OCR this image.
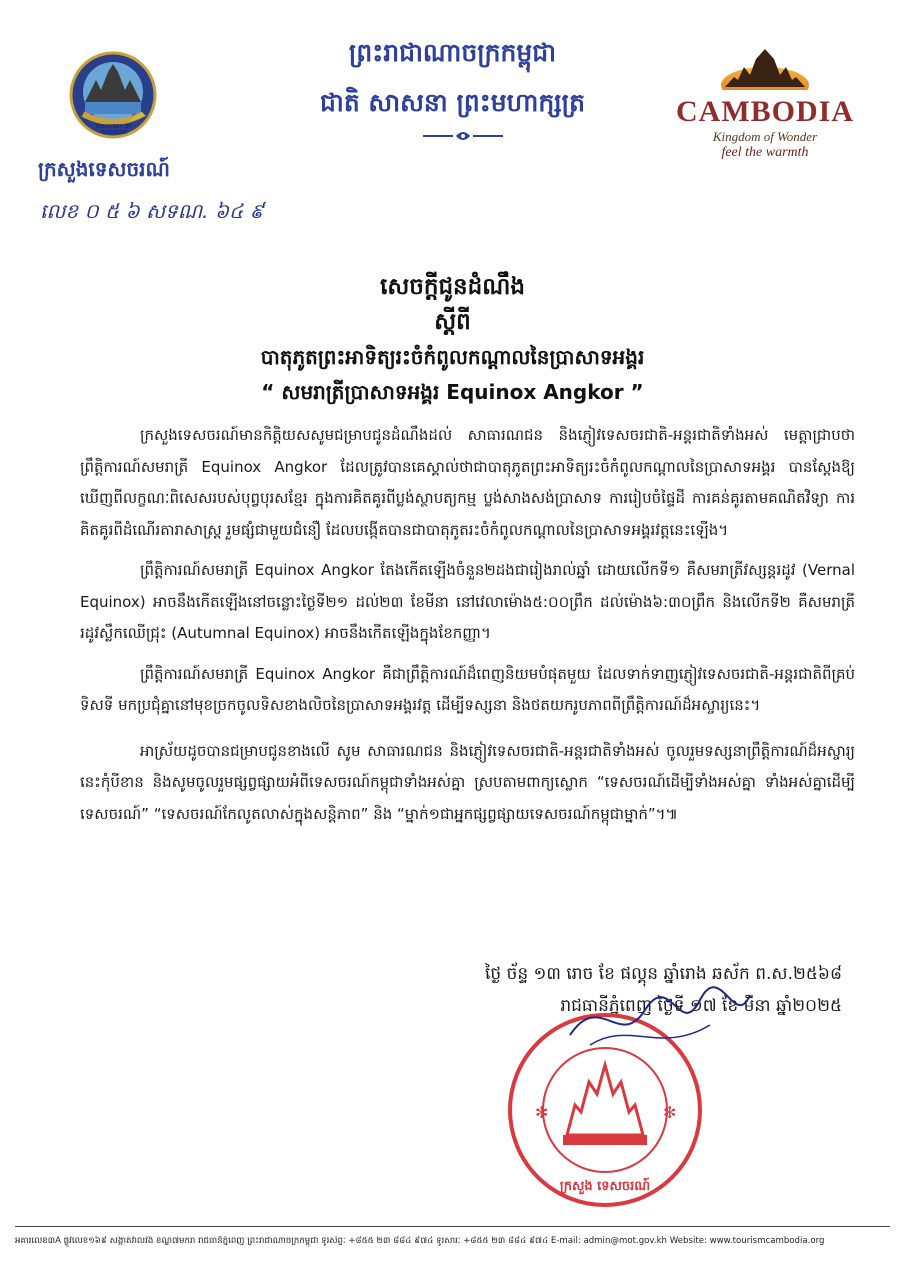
ព្រះរាជាណាចក្រកម្ពុជា
ជាតិ សាសនា ព្រះមហាក្សត្រ
MINISTRY OF TOURISM
ក្រសួងទេសចរណ៍
លេខ ០ ៥ ៦ សទណ. ៦៤ ៩
CAMBODIA
Kingdom of Wonder
feel the warmth
សេចក្តីជូនដំណឹង
ស្តីពី
បាតុភូតព្រះអាទិត្យរះចំកំពូលកណ្តាលនៃប្រាសាទអង្គរ
“ សមរាត្រីប្រាសាទអង្គរ Equinox Angkor ”

ក្រសួងទេសចរណ៍មានកិត្តិយសសូមជម្រាបជូនដំណឹងដល់ សាធារណជន និងភ្ញៀវទេសចរជាតិ-អន្តរជាតិទាំងអស់ មេត្តាជ្រាបថា ព្រឹត្តិការណ៍សមរាត្រី Equinox Angkor ដែលត្រូវបានគេស្គាល់ថាជាបាតុភូតព្រះអាទិត្យរះចំកំពូលកណ្តាលនៃប្រាសាទអង្គរ បានស្តែងឱ្យឃើញពីលក្ខណៈពិសេសរបស់បុព្វបុរសខ្មែរ ក្នុងការគិតគូរពីប្លង់ស្ថាបត្យកម្ម ប្លង់សាងសង់ប្រាសាទ ការរៀបចំផ្ទៃដី ការគន់គូរតាមគណិតវិទ្យា ការគិតគូរពីដំណើរតារាសាស្ត្រ រួមផ្សំជាមួយជំនឿ ដែលបង្កើតបានជាបាតុភូតរះចំកំពូលកណ្តាលនៃប្រាសាទអង្គរវត្តនេះឡើង។

ព្រឹត្តិការណ៍សមរាត្រី Equinox Angkor តែងកើតឡើងចំនួន២ដងជារៀងរាល់ឆ្នាំ ដោយលើកទី១ គឺសមរាត្រីវស្សន្តរដូវ (Vernal Equinox) អាចនឹងកើតឡើងនៅចន្លោះថ្ងៃទី២១ ដល់២៣ ខែមីនា នៅវេលាម៉ោង៥:០០ព្រឹក ដល់ម៉ោង៦:៣០ព្រឹក និងលើកទី២ គឺសមរាត្រីរដូវស្លឹកឈើជ្រុះ (Autumnal Equinox) អាចនឹងកើតឡើងក្នុងខែកញ្ញា។

ព្រឹត្តិការណ៍សមរាត្រី Equinox Angkor គឺជាព្រឹត្តិការណ៍ដ៏ពេញនិយមបំផុតមួយ ដែលទាក់ទាញភ្ញៀវទេសចរជាតិ-អន្តរជាតិពីគ្រប់ទិសទី មកប្រជុំគ្នានៅមុខច្រកចូលទិសខាងលិចនៃប្រាសាទអង្គរវត្ត ដើម្បីទស្សនា និងថតយករូបភាពពីព្រឹត្តិការណ៍ដ៏អស្ចារ្យនេះ។

អាស្រ័យដូចបានជម្រាបជូនខាងលើ សូម សាធារណជន និងភ្ញៀវទេសចរជាតិ-អន្តរជាតិទាំងអស់ ចូលរួមទស្សនាព្រឹត្តិការណ៍ដ៏អស្ចារ្យនេះកុំបីខាន និងសូមចូលរួមផ្សព្វផ្សាយអំពីទេសចរណ៍កម្ពុជាទាំងអស់គ្នា ស្របតាមពាក្យស្លោក “ទេសចរណ៍ដើម្បីទាំងអស់គ្នា ទាំងអស់គ្នាដើម្បីទេសចរណ៍” “ទេសចរណ៍កែលូតលាស់ក្នុងសន្តិភាព” និង “ម្នាក់១ជាអ្នកផ្សព្វផ្សាយទេសចរណ៍កម្ពុជាម្នាក់”។៕

ថ្ងៃ ច័ន្ទ ១៣ រោច ខែ ផល្គុន ឆ្នាំរោង ឆស័ក ព.ស.២៥៦៨
រាជធានីភ្នំពេញ ថ្ងៃទី ១៧ ខែ មីនា ឆ្នាំ២០២៥
✻	✻
ក្រសួង ទេសចរណ៍
អគារលេខ៣A ផ្លូវលេខ១៦៩ សង្កាត់វាលវង់ ខណ្ឌ៧មករា រាជធានីភ្នំពេញ ព្រះរាជាណាចក្រកម្ពុជា ទូរស័ព្ទៈ +៨៥៥ ២៣ ៨៨៤ ៩៧៤ ទូរសារៈ +៨៥៥ ២៣ ៨៨៤ ៩៧៤ E-mail: admin@mot.gov.kh Website: www.tourismcambodia.org
